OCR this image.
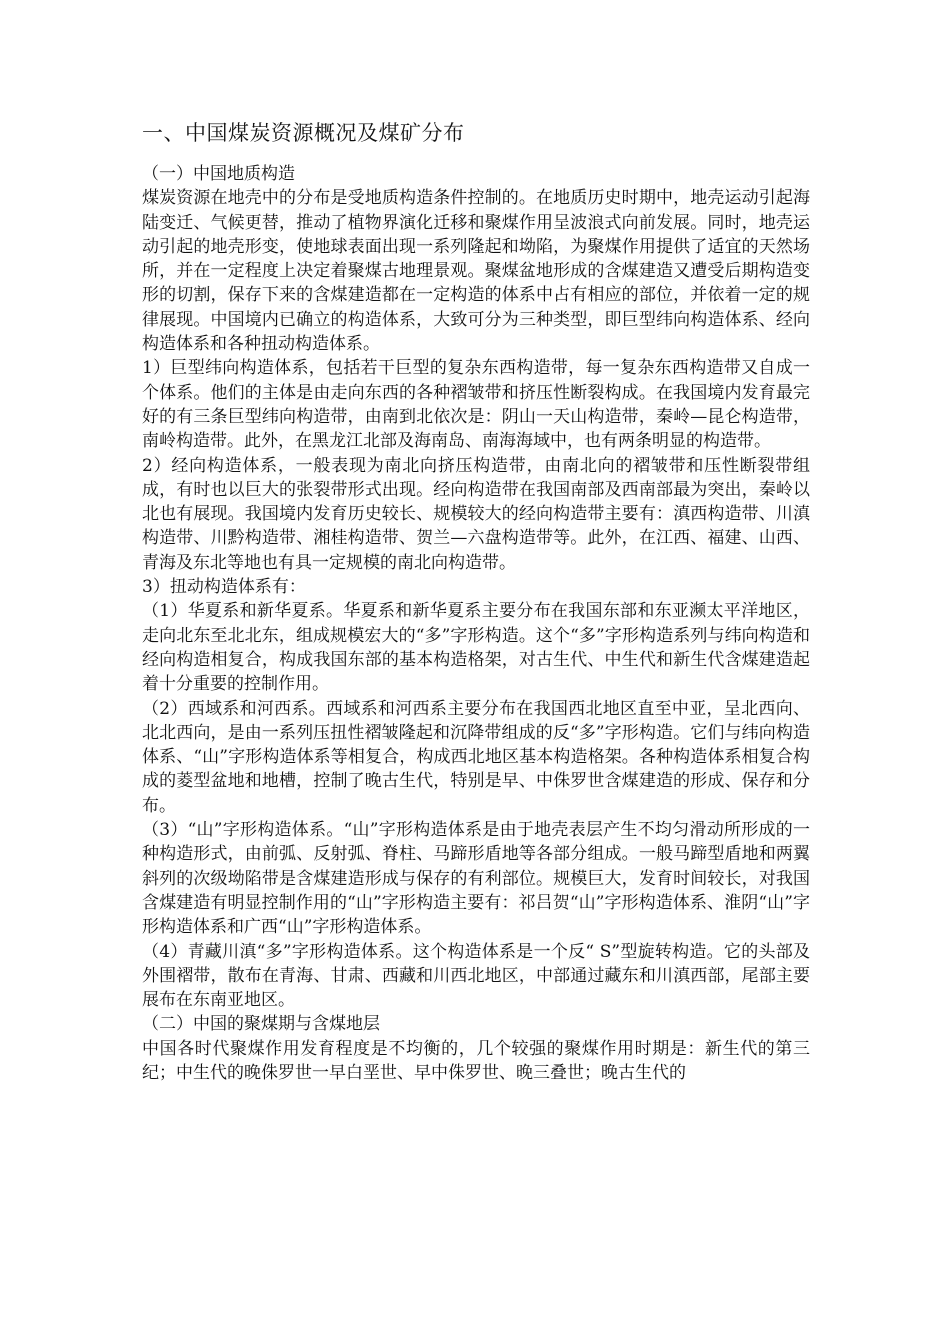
一、中国煤炭资源概况及煤矿分布

（一）中国地质构造

煤炭资源在地壳中的分布是受地质构造条件控制的。在地质历史时期中，地壳运动引起海陆变迁、气候更替，推动了植物界演化迁移和聚煤作用呈波浪式向前发展。同时，地壳运动引起的地壳形变，使地球表面出现一系列隆起和坳陷，为聚煤作用提供了适宜的天然场所，并在一定程度上决定着聚煤古地理景观。聚煤盆地形成的含煤建造又遭受后期构造变形的切割，保存下来的含煤建造都在一定构造的体系中占有相应的部位，并依着一定的规律展现。中国境内已确立的构造体系，大致可分为三种类型，即巨型纬向构造体系、经向构造体系和各种扭动构造体系。

1）巨型纬向构造体系，包括若干巨型的复杂东西构造带，每一复杂东西构造带又自成一个体系。他们的主体是由走向东西的各种褶皱带和挤压性断裂构成。在我国境内发育最完好的有三条巨型纬向构造带，由南到北依次是：阴山一天山构造带，秦岭—昆仑构造带，南岭构造带。此外，在黑龙江北部及海南岛、南海海域中，也有两条明显的构造带。

2）经向构造体系，一般表现为南北向挤压构造带，由南北向的褶皱带和压性断裂带组成，有时也以巨大的张裂带形式出现。经向构造带在我国南部及西南部最为突出，秦岭以北也有展现。我国境内发育历史较长、规模较大的经向构造带主要有：滇西构造带、川滇构造带、川黔构造带、湘桂构造带、贺兰—六盘构造带等。此外，在江西、福建、山西、青海及东北等地也有具一定规模的南北向构造带。

3）扭动构造体系有：

（1）华夏系和新华夏系。华夏系和新华夏系主要分布在我国东部和东亚濒太平洋地区，走向北东至北北东，组成规模宏大的“多”字形构造。这个“多”字形构造系列与纬向构造和经向构造相复合，构成我国东部的基本构造格架，对古生代、中生代和新生代含煤建造起着十分重要的控制作用。

（2）西域系和河西系。西域系和河西系主要分布在我国西北地区直至中亚，呈北西向、北北西向，是由一系列压扭性褶皱隆起和沉降带组成的反“多”字形构造。它们与纬向构造体系、“山”字形构造体系等相复合，构成西北地区基本构造格架。各种构造体系相复合构成的菱型盆地和地槽，控制了晚古生代，特别是早、中侏罗世含煤建造的形成、保存和分布。

（3）“山”字形构造体系。“山”字形构造体系是由于地壳表层产生不均匀滑动所形成的一种构造形式，由前弧、反射弧、脊柱、马蹄形盾地等各部分组成。一般马蹄型盾地和两翼斜列的次级坳陷带是含煤建造形成与保存的有利部位。规模巨大，发育时间较长，对我国含煤建造有明显控制作用的“山”字形构造主要有：祁吕贺“山”字形构造体系、淮阴“山”字形构造体系和广西“山”字形构造体系。

（4）青藏川滇“多”字形构造体系。这个构造体系是一个反“ S”型旋转构造。它的头部及外围褶带，散布在青海、甘肃、西藏和川西北地区，中部通过藏东和川滇西部，尾部主要展布在东南亚地区。

（二）中国的聚煤期与含煤地层

中国各时代聚煤作用发育程度是不均衡的，几个较强的聚煤作用时期是：新生代的第三纪；中生代的晚侏罗世一早白垩世、早中侏罗世、晚三叠世；晚古生代的
